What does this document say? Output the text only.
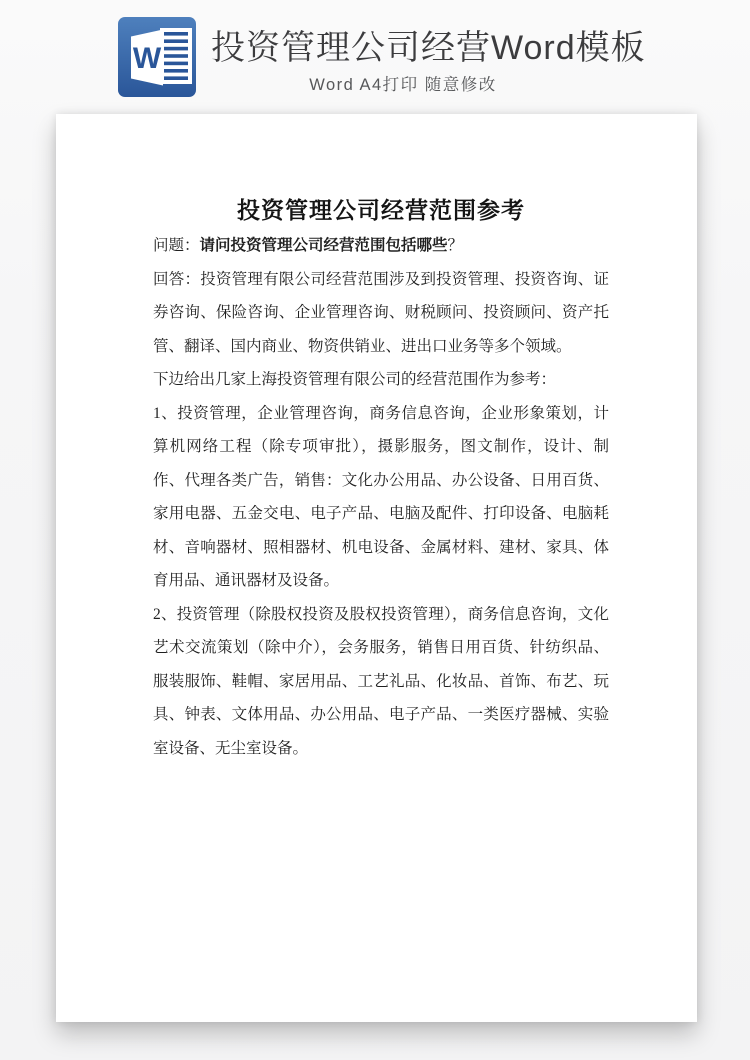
W 投资管理公司经营Word模板
Word A4打印 随意修改
投资管理公司经营范围参考

问题：请问投资管理公司经营范围包括哪些？

回答：投资管理有限公司经营范围涉及到投资管理、投资咨询、证券咨询、保险咨询、企业管理咨询、财税顾问、投资顾问、资产托管、翻译、国内商业、物资供销业、进出口业务等多个领域。

下边给出几家上海投资管理有限公司的经营范围作为参考：

1、投资管理，企业管理咨询，商务信息咨询，企业形象策划，计算机网络工程（除专项审批），摄影服务，图文制作，设计、制作、代理各类广告，销售：文化办公用品、办公设备、日用百货、家用电器、五金交电、电子产品、电脑及配件、打印设备、电脑耗材、音响器材、照相器材、机电设备、金属材料、建材、家具、体育用品、通讯器材及设备。

2、投资管理（除股权投资及股权投资管理），商务信息咨询，文化艺术交流策划（除中介），会务服务，销售日用百货、针纺织品、服装服饰、鞋帽、家居用品、工艺礼品、化妆品、首饰、布艺、玩具、钟表、文体用品、办公用品、电子产品、一类医疗器械、实验室设备、无尘室设备。
